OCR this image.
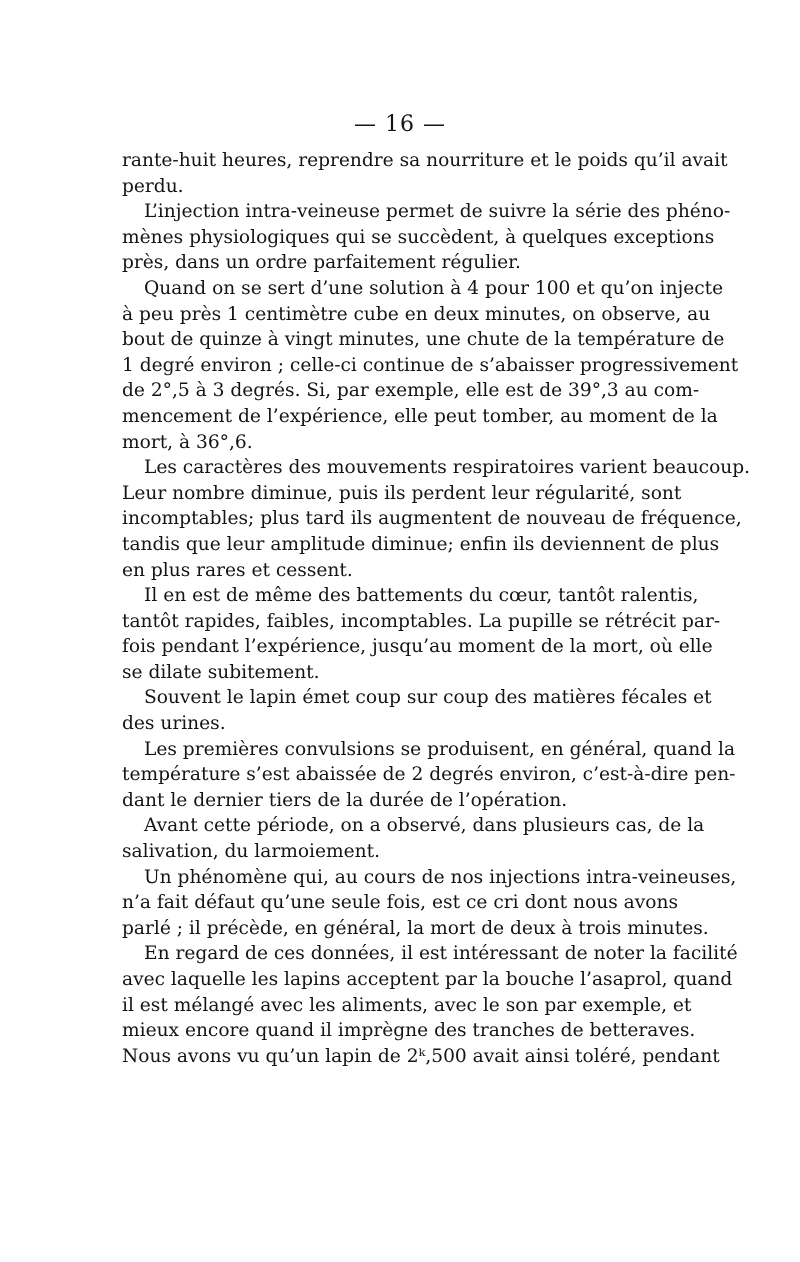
— 16 —
rante-huit heures, reprendre sa nourriture et le poids qu’il avait
perdu.
L’injection intra-veineuse permet de suivre la série des phéno-
mènes physiologiques qui se succèdent, à quelques exceptions
près, dans un ordre parfaitement régulier.
Quand on se sert d’une solution à 4 pour 100 et qu’on injecte
à peu près 1 centimètre cube en deux minutes, on observe, au
bout de quinze à vingt minutes, une chute de la température de
1 degré environ ; celle-ci continue de s’abaisser progressivement
de 2°,5 à 3 degrés. Si, par exemple, elle est de 39°,3 au com-
mencement de l’expérience, elle peut tomber, au moment de la
mort, à 36°,6.
Les caractères des mouvements respiratoires varient beaucoup.
Leur nombre diminue, puis ils perdent leur régularité, sont
incomptables; plus tard ils augmentent de nouveau de fréquence,
tandis que leur amplitude diminue; enfin ils deviennent de plus
en plus rares et cessent.
Il en est de même des battements du cœur, tantôt ralentis,
tantôt rapides, faibles, incomptables. La pupille se rétrécit par-
fois pendant l’expérience, jusqu’au moment de la mort, où elle
se dilate subitement.
Souvent le lapin émet coup sur coup des matières fécales et
des urines.
Les premières convulsions se produisent, en général, quand la
température s’est abaissée de 2 degrés environ, c’est-à-dire pen-
dant le dernier tiers de la durée de l’opération.
Avant cette période, on a observé, dans plusieurs cas, de la
salivation, du larmoiement.
Un phénomène qui, au cours de nos injections intra-veineuses,
n’a fait défaut qu’une seule fois, est ce cri dont nous avons
parlé ; il précède, en général, la mort de deux à trois minutes.
En regard de ces données, il est intéressant de noter la facilité
avec laquelle les lapins acceptent par la bouche l’asaprol, quand
il est mélangé avec les aliments, avec le son par exemple, et
mieux encore quand il imprègne des tranches de betteraves.
Nous avons vu qu’un lapin de 2ᵏ,500 avait ainsi toléré, pendant
